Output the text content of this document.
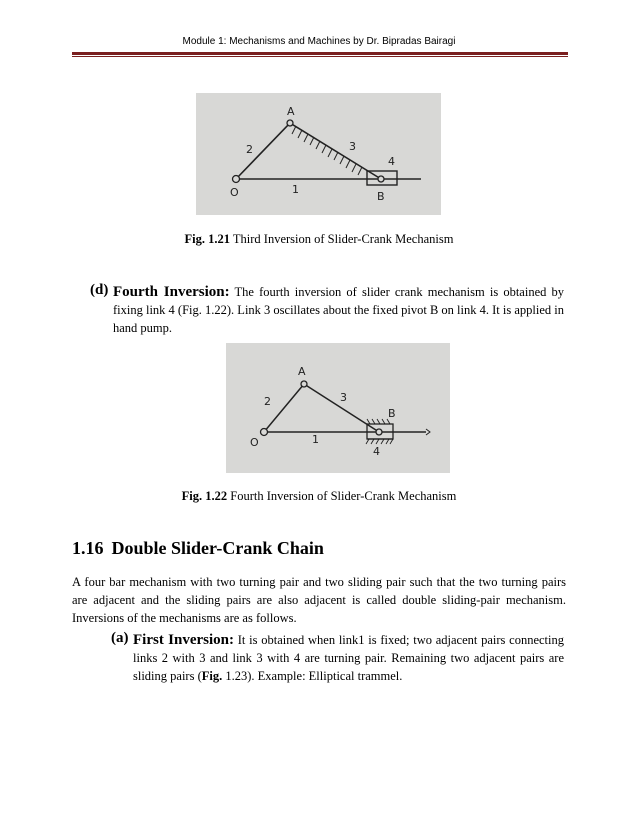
Module 1: Mechanisms and Machines by Dr. Bipradas Bairagi
A
O	B
1
2	3
4
Fig. 1.21 Third Inversion of Slider-Crank Mechanism
(d) Fourth Inversion: The fourth inversion of slider crank mechanism is obtained by fixing link 4 (Fig. 1.22). Link 3 oscillates about the fixed pivot B on link 4. It is applied in hand pump.
A
O
B
1
2	3
4
Fig. 1.22 Fourth Inversion of Slider-Crank Mechanism
1.16 Double Slider-Crank Chain
A four bar mechanism with two turning pair and two sliding pair such that the two turning pairs are adjacent and the sliding pairs are also adjacent is called double sliding-pair mechanism. Inversions of the mechanisms are as follows.
(a) First Inversion: It is obtained when link1 is fixed; two adjacent pairs connecting links 2 with 3 and link 3 with 4 are turning pair. Remaining two adjacent pairs are sliding pairs (Fig. 1.23). Example: Elliptical trammel.
